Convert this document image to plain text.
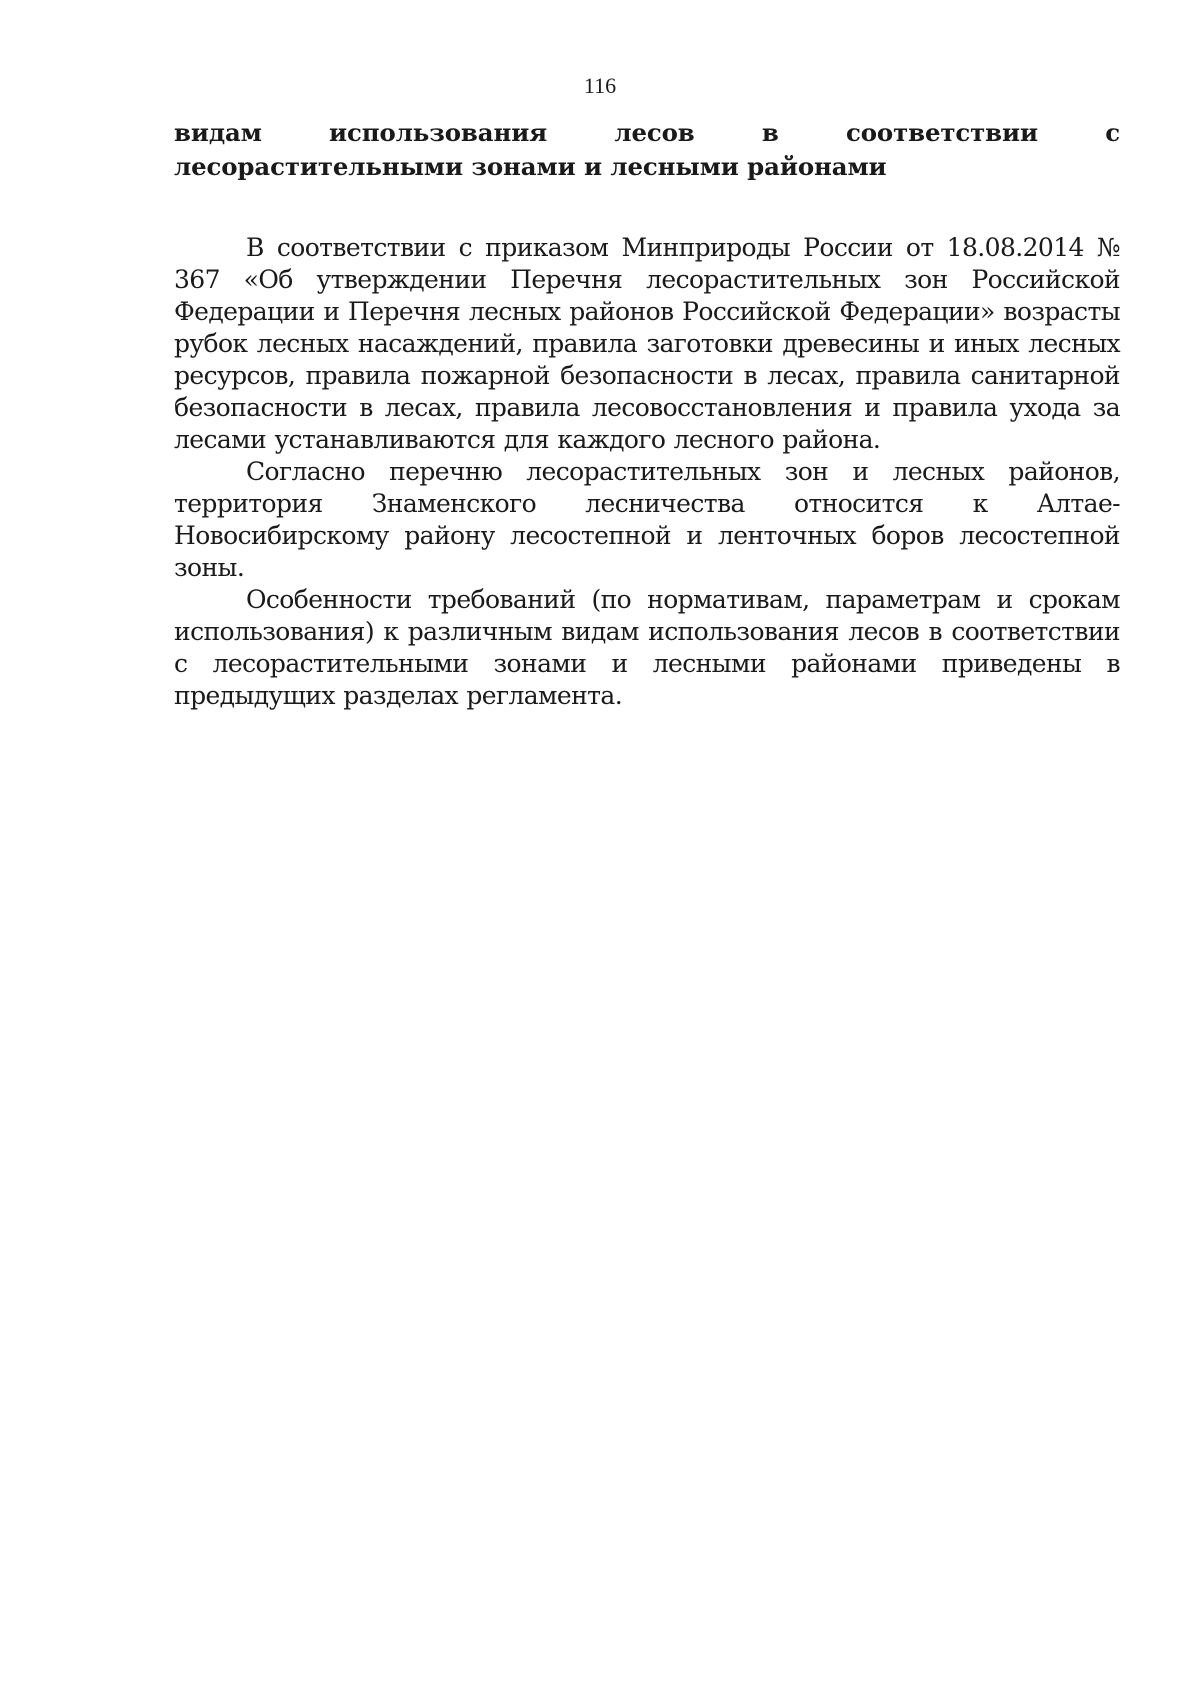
116

видам использования лесов в соответствии с лесорастительными зонами и лесными районами

В соответствии с приказом Минприроды России от 18.08.2014 № 367 «Об утверждении Перечня лесорастительных зон Российской Федерации и Перечня лесных районов Российской Федерации» возрасты рубок лесных насаждений, правила заготовки древесины и иных лесных ресурсов, правила пожарной безопасности в лесах, правила санитарной безопасности в лесах, правила лесовосстановления и правила ухода за лесами устанавливаются для каждого лесного района.

Согласно перечню лесорастительных зон и лесных районов, территория Знаменского лесничества относится к Алтае-Новосибирскому району лесостепной и ленточных боров лесостепной зоны.

Особенности требований (по нормативам, параметрам и срокам использования) к различным видам использования лесов в соответствии с лесорастительными зонами и лесными районами приведены в предыдущих разделах регламента.
